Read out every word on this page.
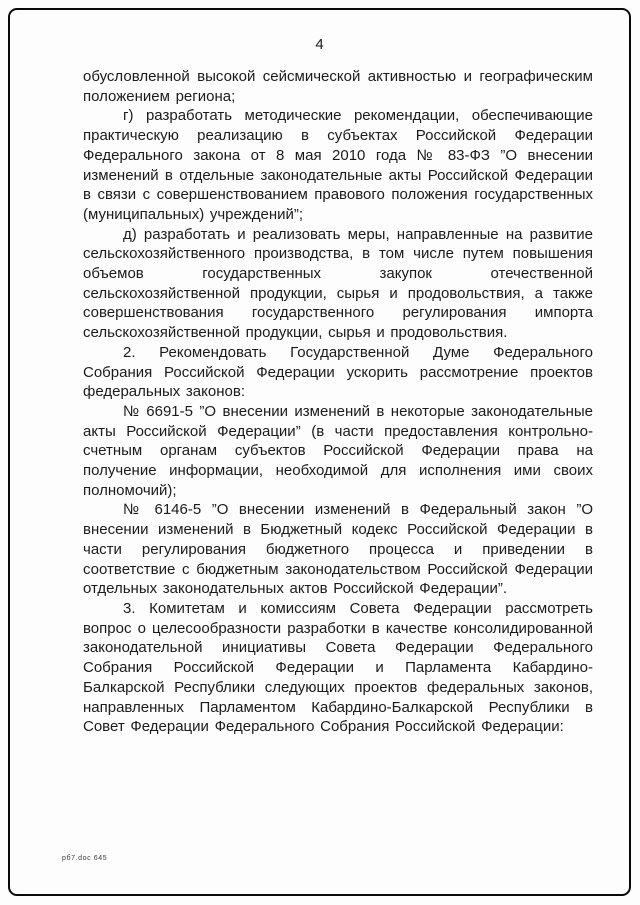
4

обусловленной высокой сейсмической активностью и географическим положением региона;

г) разработать методические рекомендации, обеспечивающие практическую реализацию в субъектах Российской Федерации Федерального закона от 8 мая 2010 года № 83-ФЗ ”О внесении изменений в отдельные законодательные акты Российской Федерации в связи с совершенствованием правового положения государственных (муниципальных) учреждений”;

д) разработать и реализовать меры, направленные на развитие сельскохозяйственного производства, в том числе путем повышения объемов государственных закупок отечественной сельскохозяйственной продукции, сырья и продовольствия, а также совершенствования государственного регулирования импорта сельскохозяйственной продукции, сырья и продовольствия.

2. Рекомендовать Государственной Думе Федерального Собрания Российской Федерации ускорить рассмотрение проектов федеральных законов:

№ 6691-5 ”О внесении изменений в некоторые законодательные акты Российской Федерации” (в части предоставления контрольно-счетным органам субъектов Российской Федерации права на получение информации, необходимой для исполнения ими своих полномочий);

№ 6146-5 ”О внесении изменений в Федеральный закон ”О внесении изменений в Бюджетный кодекс Российской Федерации в части регулирования бюджетного процесса и приведении в соответствие с бюджетным законодательством Российской Федерации отдельных законодательных актов Российской Федерации”.

3. Комитетам и комиссиям Совета Федерации рассмотреть вопрос о целесообразности разработки в качестве консолидированной законодательной инициативы Совета Федерации Федерального Собрания Российской Федерации и Парламента Кабардино-Балкарской Республики следующих проектов федеральных законов, направленных Парламентом Кабардино-Балкарской Республики в Совет Федерации Федерального Собрания Российской Федерации:

рб7.doc 645
